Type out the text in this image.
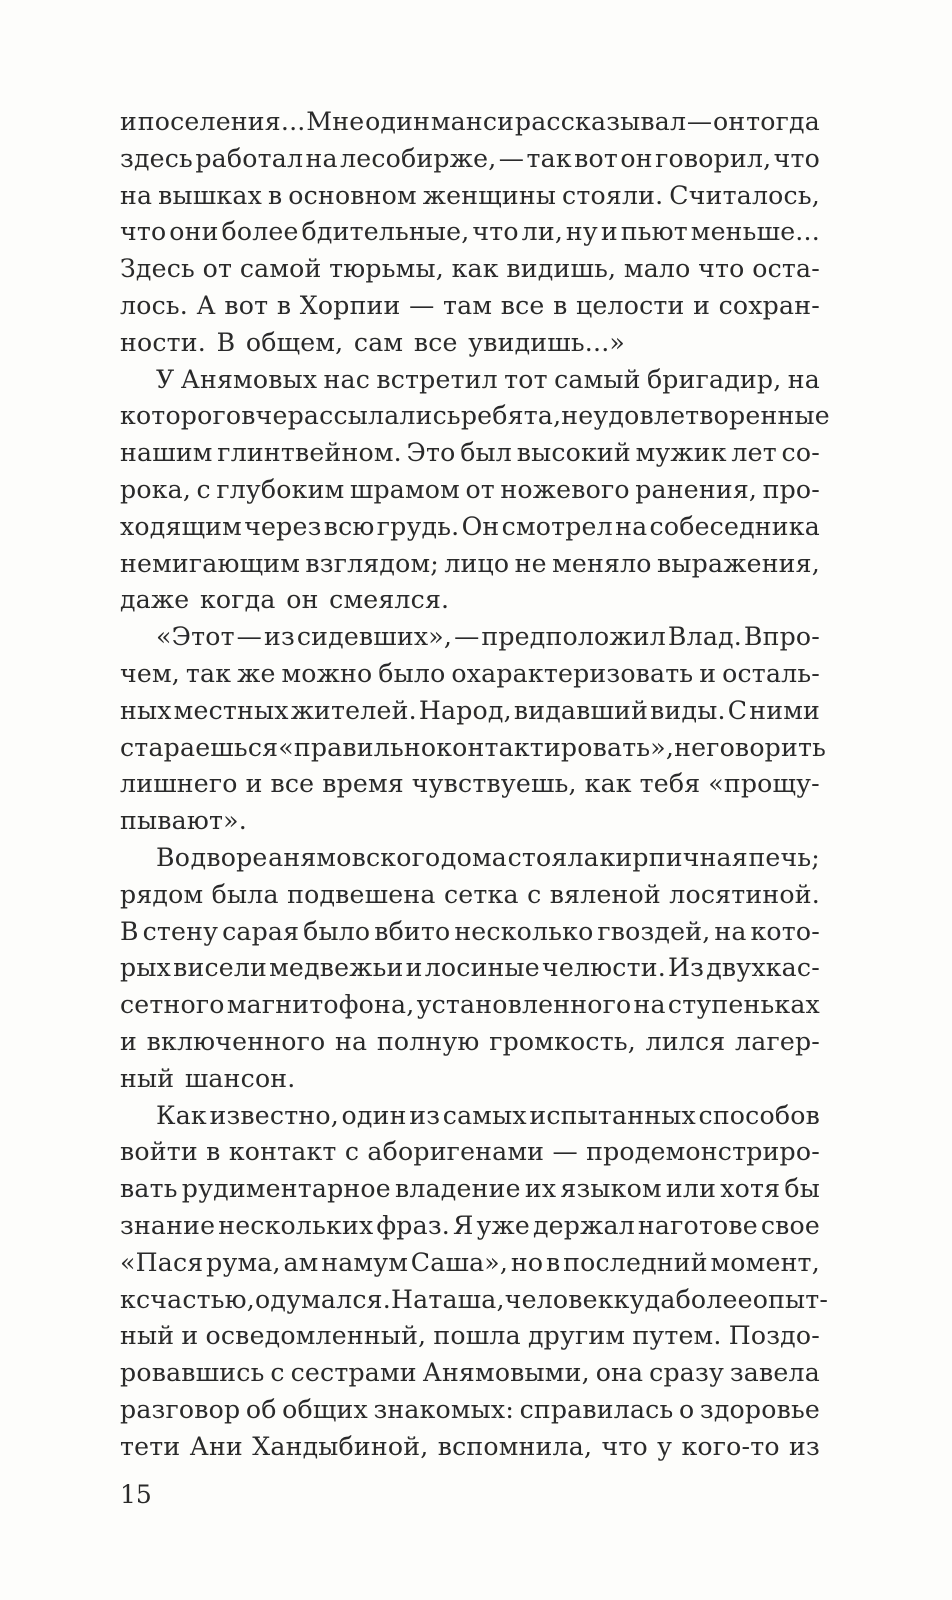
и поселения... Мне один манси рассказывал — он тогда
здесь работал на лесобирже, — так вот он говорил, что
на вышках в основном женщины стояли. Считалось,
что они более бдительные, что ли, ну и пьют меньше...
Здесь от самой тюрьмы, как видишь, мало что оста-
лось. А вот в Хорпии — там все в целости и сохран-
ности. В общем, сам все увидишь...»
У Анямовых нас встретил тот самый бригадир, на
которого вчера ссылались ребята, не удовлетворенные
нашим глинтвейном. Это был высокий мужик лет со-
рока, с глубоким шрамом от ножевого ранения, про-
ходящим через всю грудь. Он смотрел на собеседника
немигающим взглядом; лицо не меняло выражения,
даже когда он смеялся.
«Этот — из сидевших», — предположил Влад. Впро-
чем, так же можно было охарактеризовать и осталь-
ных местных жителей. Народ, видавший виды. С ними
стараешься «правильно контактировать», не говорить
лишнего и все время чувствуешь, как тебя «прощу-
пывают».
Во дворе анямовского дома стояла кирпичная печь;
рядом была подвешена сетка с вяленой лосятиной.
В стену сарая было вбито несколько гвоздей, на кото-
рых висели медвежьи и лосиные челюсти. Из двухкас-
сетного магнитофона, установленного на ступеньках
и включенного на полную громкость, лился лагер-
ный шансон.
Как известно, один из самых испытанных способов
войти в контакт с аборигенами — продемонстриро-
вать рудиментарное владение их языком или хотя бы
знание нескольких фраз. Я уже держал наготове свое
«Пася рума, ам намум Саша», но в последний момент,
к счастью, одумался. Наташа, человек куда более опыт-
ный и осведомленный, пошла другим путем. Поздо-
ровавшись с сестрами Анямовыми, она сразу завела
разговор об общих знакомых: справилась о здоровье
тети Ани Хандыбиной, вспомнила, что у кого-то из
15
